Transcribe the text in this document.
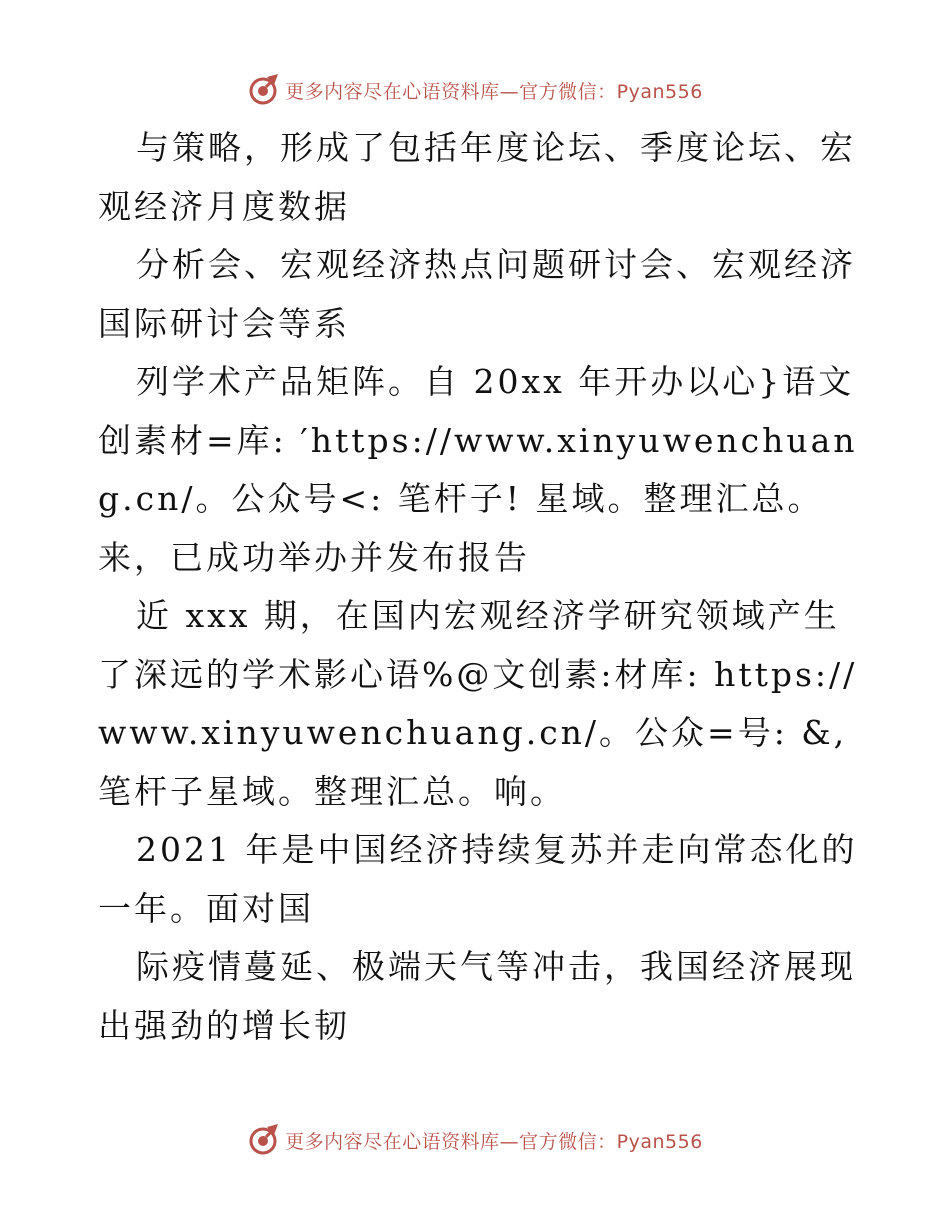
更多内容尽在心语资料库—官方微信：Pyan556

与策略，形成了包括年度论坛、季度论坛、宏观经济月度数据

分析会、宏观经济热点问题研讨会、宏观经济国际研讨会等系

列学术产品矩阵。自 20xx 年开办以心}语文创素材=库: ′https://www.xinyuwenchuang.cn/。公众号<: 笔杆子! 星域。整理汇总。来，已成功举办并发布报告

近 xxx 期，在国内宏观经济学研究领域产生了深远的学术影心语%@文创素:材库: https://www.xinyuwenchuang.cn/。公众=号: &,笔杆子星域。整理汇总。响。

2021 年是中国经济持续复苏并走向常态化的一年。面对国

际疫情蔓延、极端天气等冲击，我国经济展现出强劲的增长韧

更多内容尽在心语资料库—官方微信：Pyan556
